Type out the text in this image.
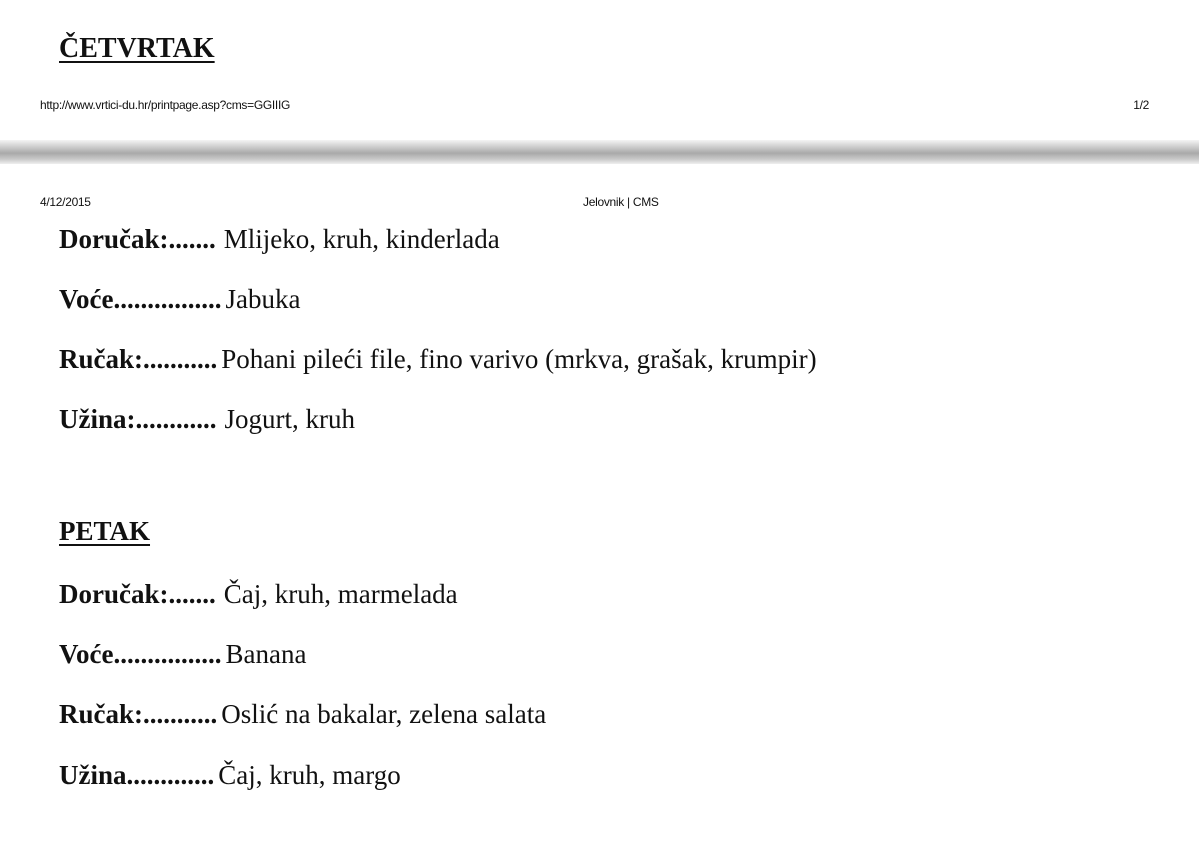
ČETVRTAK
http://www.vrtici-du.hr/printpage.asp?cms=GGIIIG	1/2
4/12/2015	Jelovnik | CMS
Doručak:....... Mlijeko, kruh, kinderlada
Voće................ Jabuka
Ručak:........... Pohani pileći file, fino varivo (mrkva, grašak, krumpir)
Užina:............ Jogurt, kruh
PETAK
Doručak:....... Čaj, kruh, marmelada
Voće................ Banana
Ručak:........... Oslić na bakalar, zelena salata
Užina............. Čaj, kruh, margo
